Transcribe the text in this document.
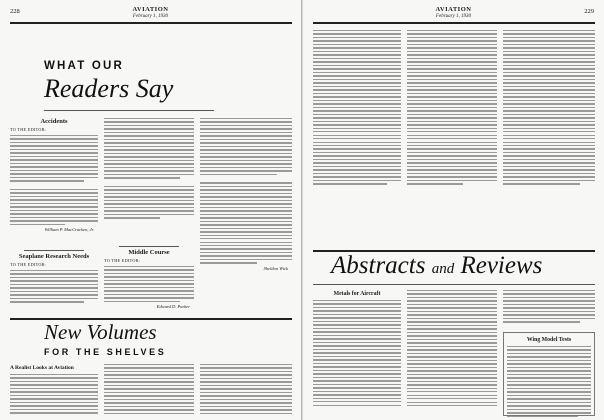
228	AVIATION
February 1, 1930
WHAT OUR
Readers Say
Accidents
TO THE EDITOR:
William P. MacCracken, Jr.
Seaplane Research Needs
TO THE EDITOR:
Middle Course
TO THE EDITOR:
Edward D. Parker
Sheldon Wick
New Volumes
FOR THE SHELVES
A Realist Looks at Aviation
AVIATION
February 1, 1930
229
Abstracts and Reviews
Metals for Aircraft
Wing Model Tests
